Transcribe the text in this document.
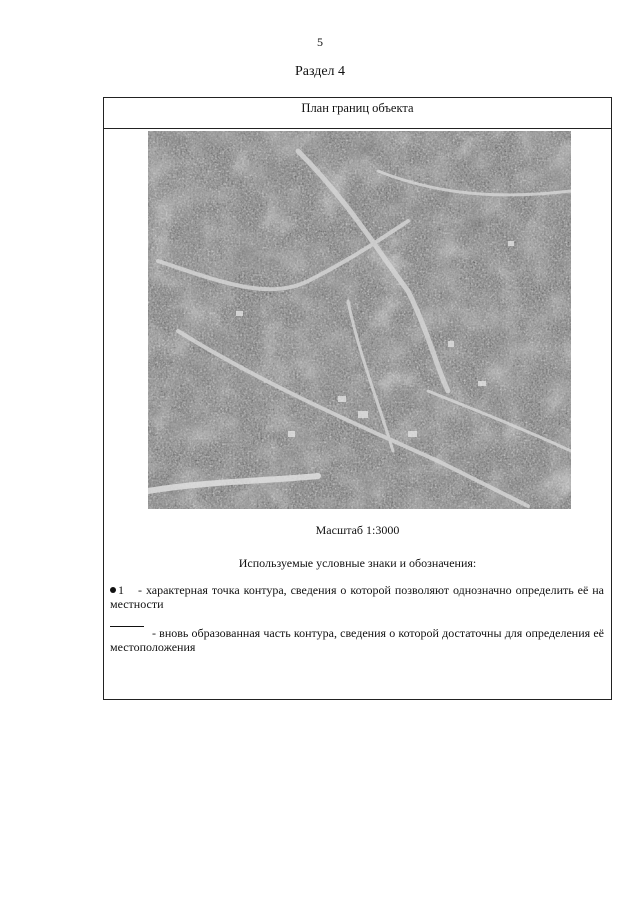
5
Раздел 4
План границ объекта
Масштаб 1:3000
Используемые условные знаки и обозначения:
1 - характерная точка контура, сведения о которой позволяют однозначно определить её на местности
- вновь образованная часть контура, сведения о которой достаточны для определения её местоположения
